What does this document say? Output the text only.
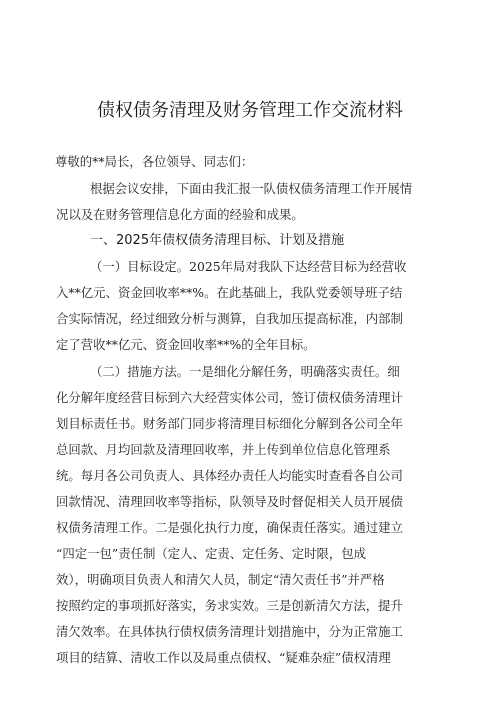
债权债务清理及财务管理工作交流材料
尊敬的**局长，各位领导、同志们：
根据会议安排，下面由我汇报一队债权债务清理工作开展情
况以及在财务管理信息化方面的经验和成果。
一、2025年债权债务清理目标、计划及措施
（一）目标设定。2025年局对我队下达经营目标为经营收
入**亿元、资金回收率**%。在此基础上，我队党委领导班子结
合实际情况，经过细致分析与测算，自我加压提高标准，内部制
定了营收**亿元、资金回收率**%的全年目标。
（二）措施方法。一是细化分解任务，明确落实责任。细
化分解年度经营目标到六大经营实体公司，签订债权债务清理计
划目标责任书。财务部门同步将清理目标细化分解到各公司全年
总回款、月均回款及清理回收率，并上传到单位信息化管理系
统。每月各公司负责人、具体经办责任人均能实时查看各自公司
回款情况、清理回收率等指标，队领导及时督促相关人员开展债
权债务清理工作。二是强化执行力度，确保责任落实。通过建立
“四定一包”责任制（定人、定责、定任务、定时限，包成
效），明确项目负责人和清欠人员，制定“清欠责任书”并严格
按照约定的事项抓好落实，务求实效。三是创新清欠方法，提升
清欠效率。在具体执行债权债务清理计划措施中，分为正常施工
项目的结算、清收工作以及局重点债权、“疑难杂症”债权清理
